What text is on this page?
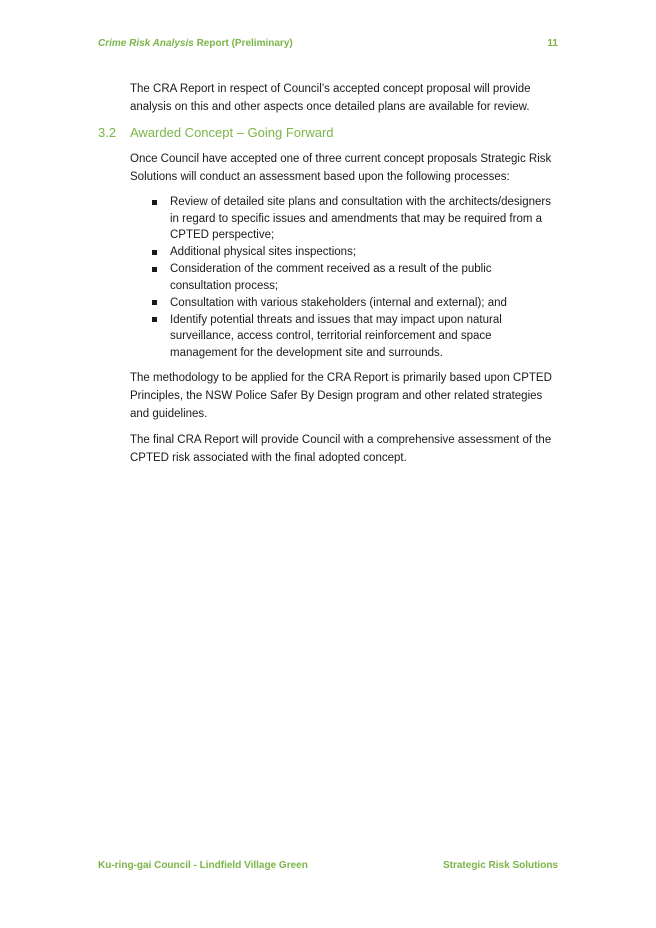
Crime Risk Analysis Report (Preliminary)	11

The CRA Report in respect of Council’s accepted concept proposal will provide analysis on this and other aspects once detailed plans are available for review.

3.2 Awarded Concept – Going Forward

Once Council have accepted one of three current concept proposals Strategic Risk Solutions will conduct an assessment based upon the following processes:

Review of detailed site plans and consultation with the architects/designers in regard to specific issues and amendments that may be required from a CPTED perspective;
Additional physical sites inspections;
Consideration of the comment received as a result of the public consultation process;
Consultation with various stakeholders (internal and external); and
Identify potential threats and issues that may impact upon natural surveillance, access control, territorial reinforcement and space management for the development site and surrounds.

The methodology to be applied for the CRA Report is primarily based upon CPTED Principles, the NSW Police Safer By Design program and other related strategies and guidelines.

The final CRA Report will provide Council with a comprehensive assessment of the CPTED risk associated with the final adopted concept.

Ku-ring-gai Council - Lindfield Village Green	Strategic Risk Solutions
